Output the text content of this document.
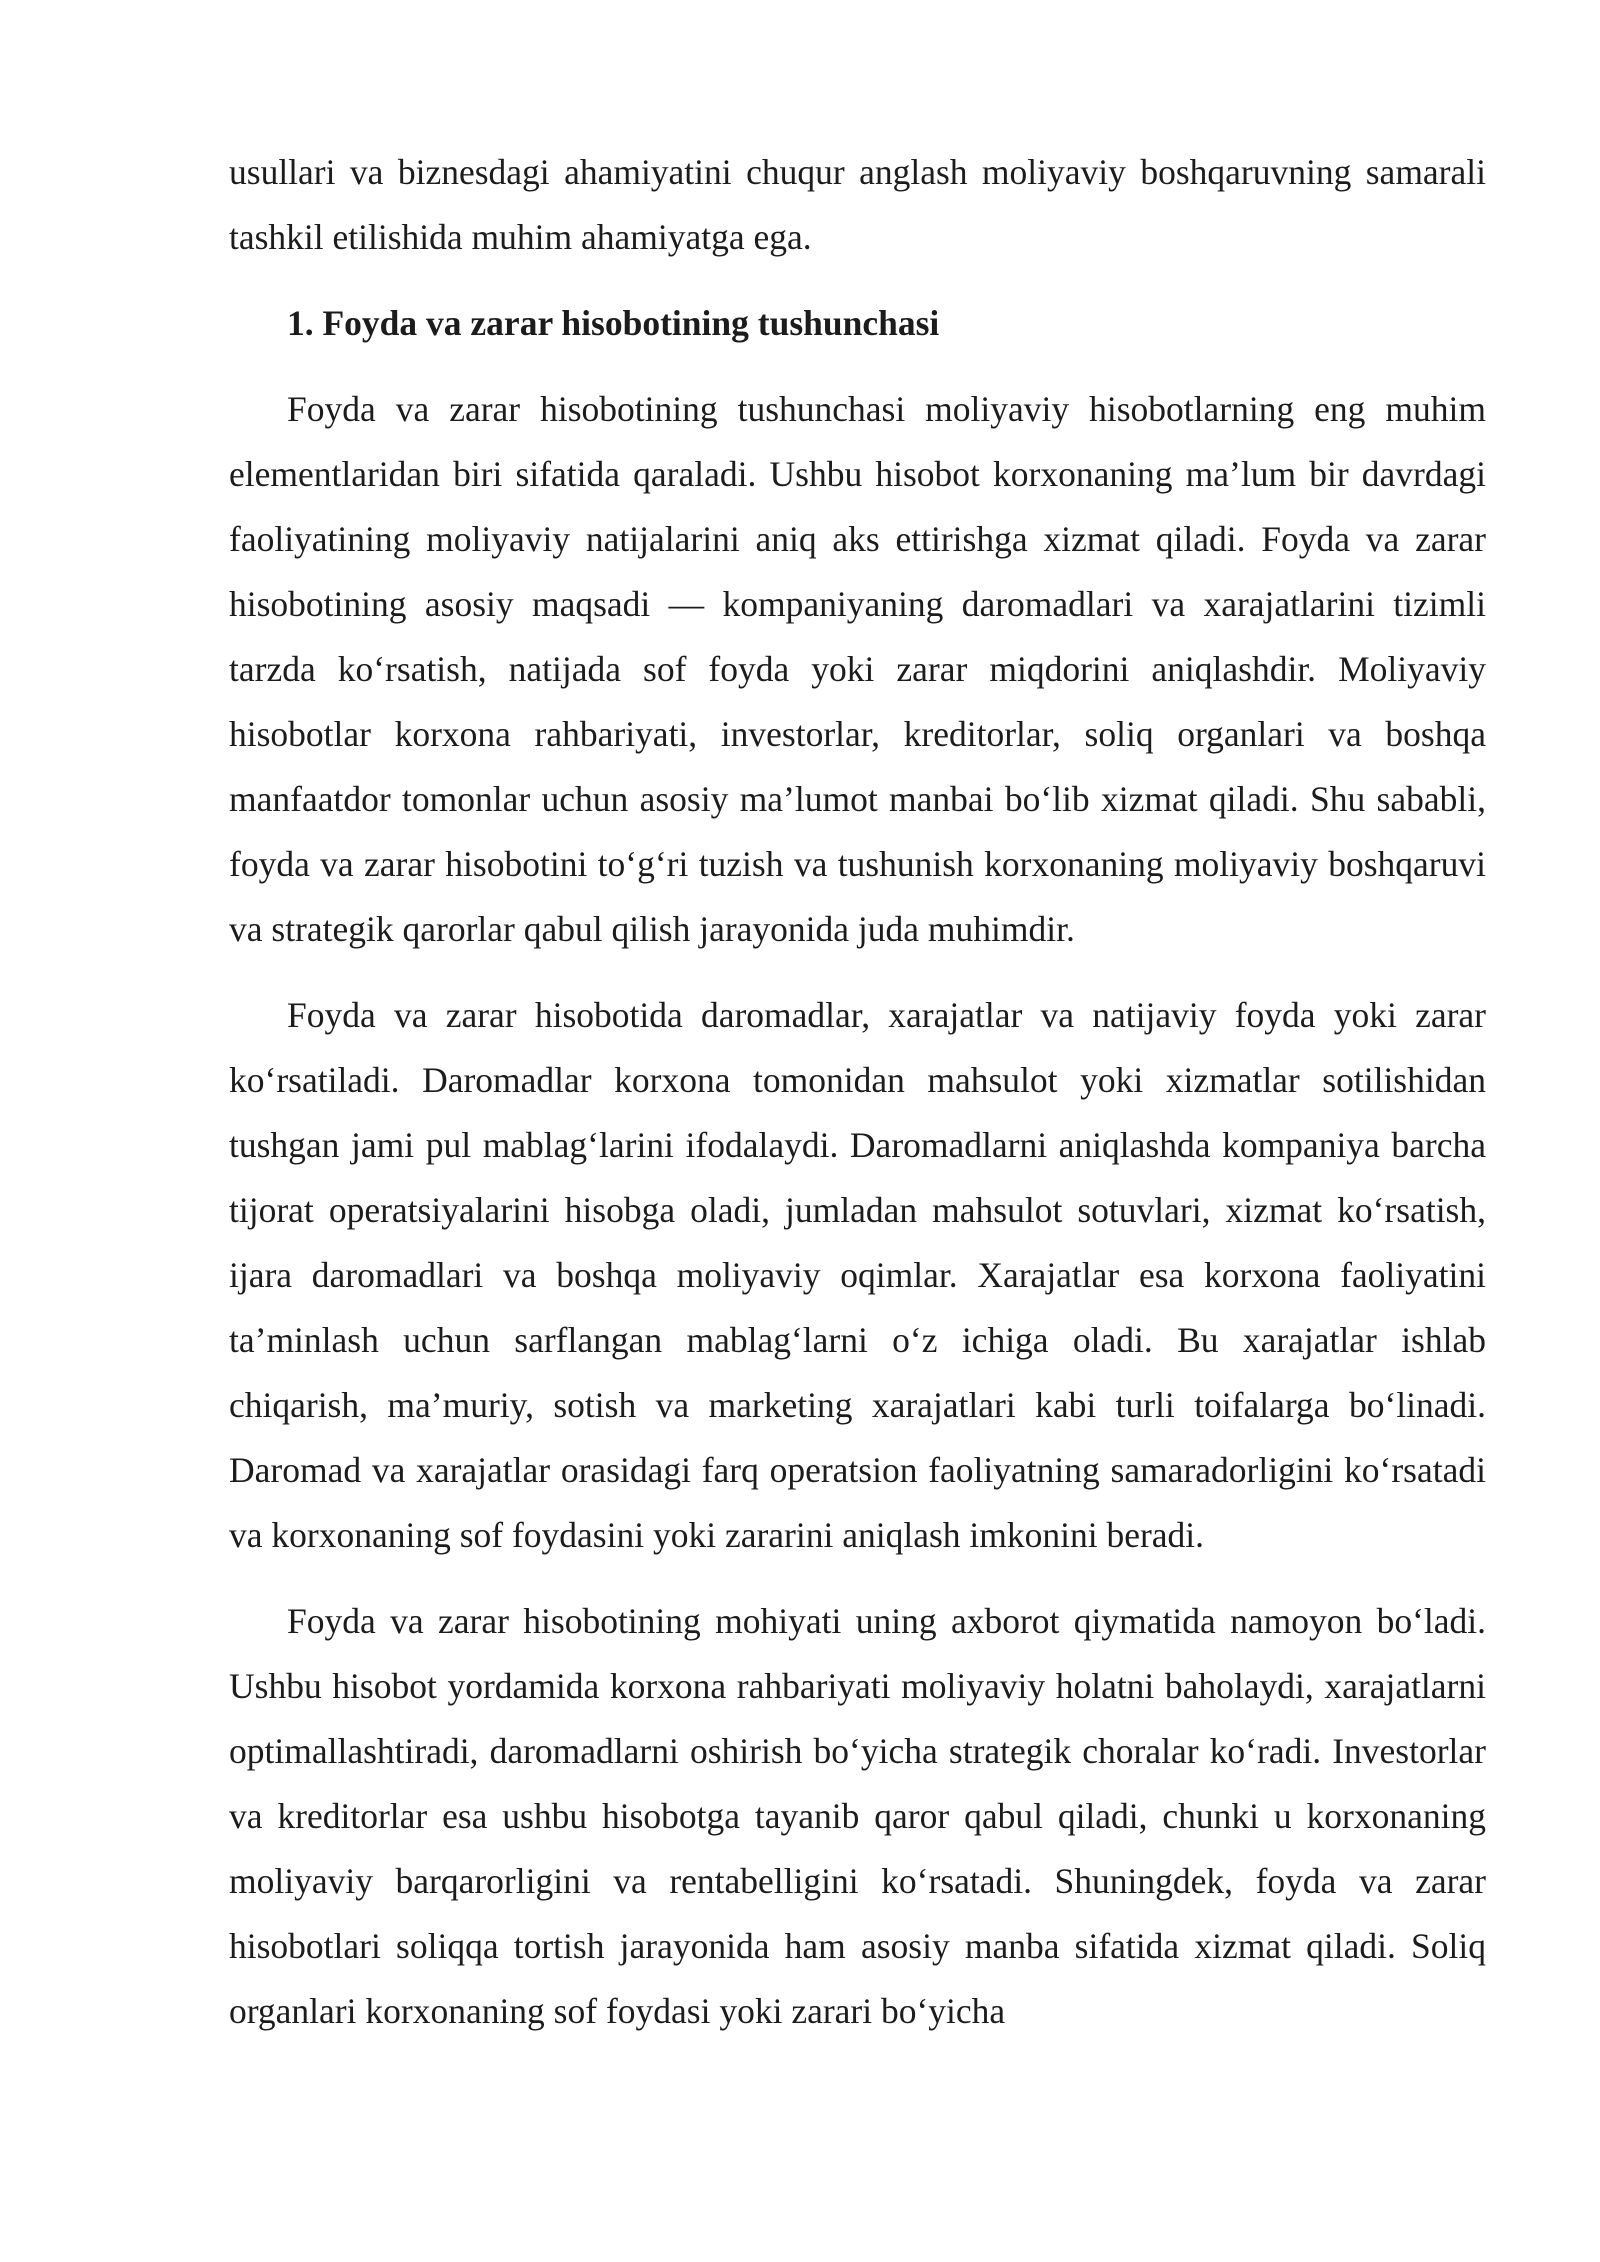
usullari va biznesdagi ahamiyatini chuqur anglash moliyaviy boshqaruvning samarali tashkil etilishida muhim ahamiyatga ega.

1. Foyda va zarar hisobotining tushunchasi

Foyda va zarar hisobotining tushunchasi moliyaviy hisobotlarning eng muhim elementlaridan biri sifatida qaraladi. Ushbu hisobot korxonaning ma’lum bir davrdagi faoliyatining moliyaviy natijalarini aniq aks ettirishga xizmat qiladi. Foyda va zarar hisobotining asosiy maqsadi — kompaniyaning daromadlari va xarajatlarini tizimli tarzda ko‘rsatish, natijada sof foyda yoki zarar miqdorini aniqlashdir. Moliyaviy hisobotlar korxona rahbariyati, investorlar, kreditorlar, soliq organlari va boshqa manfaatdor tomonlar uchun asosiy ma’lumot manbai bo‘lib xizmat qiladi. Shu sababli, foyda va zarar hisobotini to‘g‘ri tuzish va tushunish korxonaning moliyaviy boshqaruvi va strategik qarorlar qabul qilish jarayonida juda muhimdir.

Foyda va zarar hisobotida daromadlar, xarajatlar va natijaviy foyda yoki zarar ko‘rsatiladi. Daromadlar korxona tomonidan mahsulot yoki xizmatlar sotilishidan tushgan jami pul mablag‘larini ifodalaydi. Daromadlarni aniqlashda kompaniya barcha tijorat operatsiyalarini hisobga oladi, jumladan mahsulot sotuvlari, xizmat ko‘rsatish, ijara daromadlari va boshqa moliyaviy oqimlar. Xarajatlar esa korxona faoliyatini ta’minlash uchun sarflangan mablag‘larni o‘z ichiga oladi. Bu xarajatlar ishlab chiqarish, ma’muriy, sotish va marketing xarajatlari kabi turli toifalarga bo‘linadi. Daromad va xarajatlar orasidagi farq operatsion faoliyatning samaradorligini ko‘rsatadi va korxonaning sof foydasini yoki zararini aniqlash imkonini beradi.

Foyda va zarar hisobotining mohiyati uning axborot qiymatida namoyon bo‘ladi. Ushbu hisobot yordamida korxona rahbariyati moliyaviy holatni baholaydi, xarajatlarni optimallashtiradi, daromadlarni oshirish bo‘yicha strategik choralar ko‘radi. Investorlar va kreditorlar esa ushbu hisobotga tayanib qaror qabul qiladi, chunki u korxonaning moliyaviy barqarorligini va rentabelligini ko‘rsatadi. Shuningdek, foyda va zarar hisobotlari soliqqa tortish jarayonida ham asosiy manba sifatida xizmat qiladi. Soliq organlari korxonaning sof foydasi yoki zarari bo‘yicha
